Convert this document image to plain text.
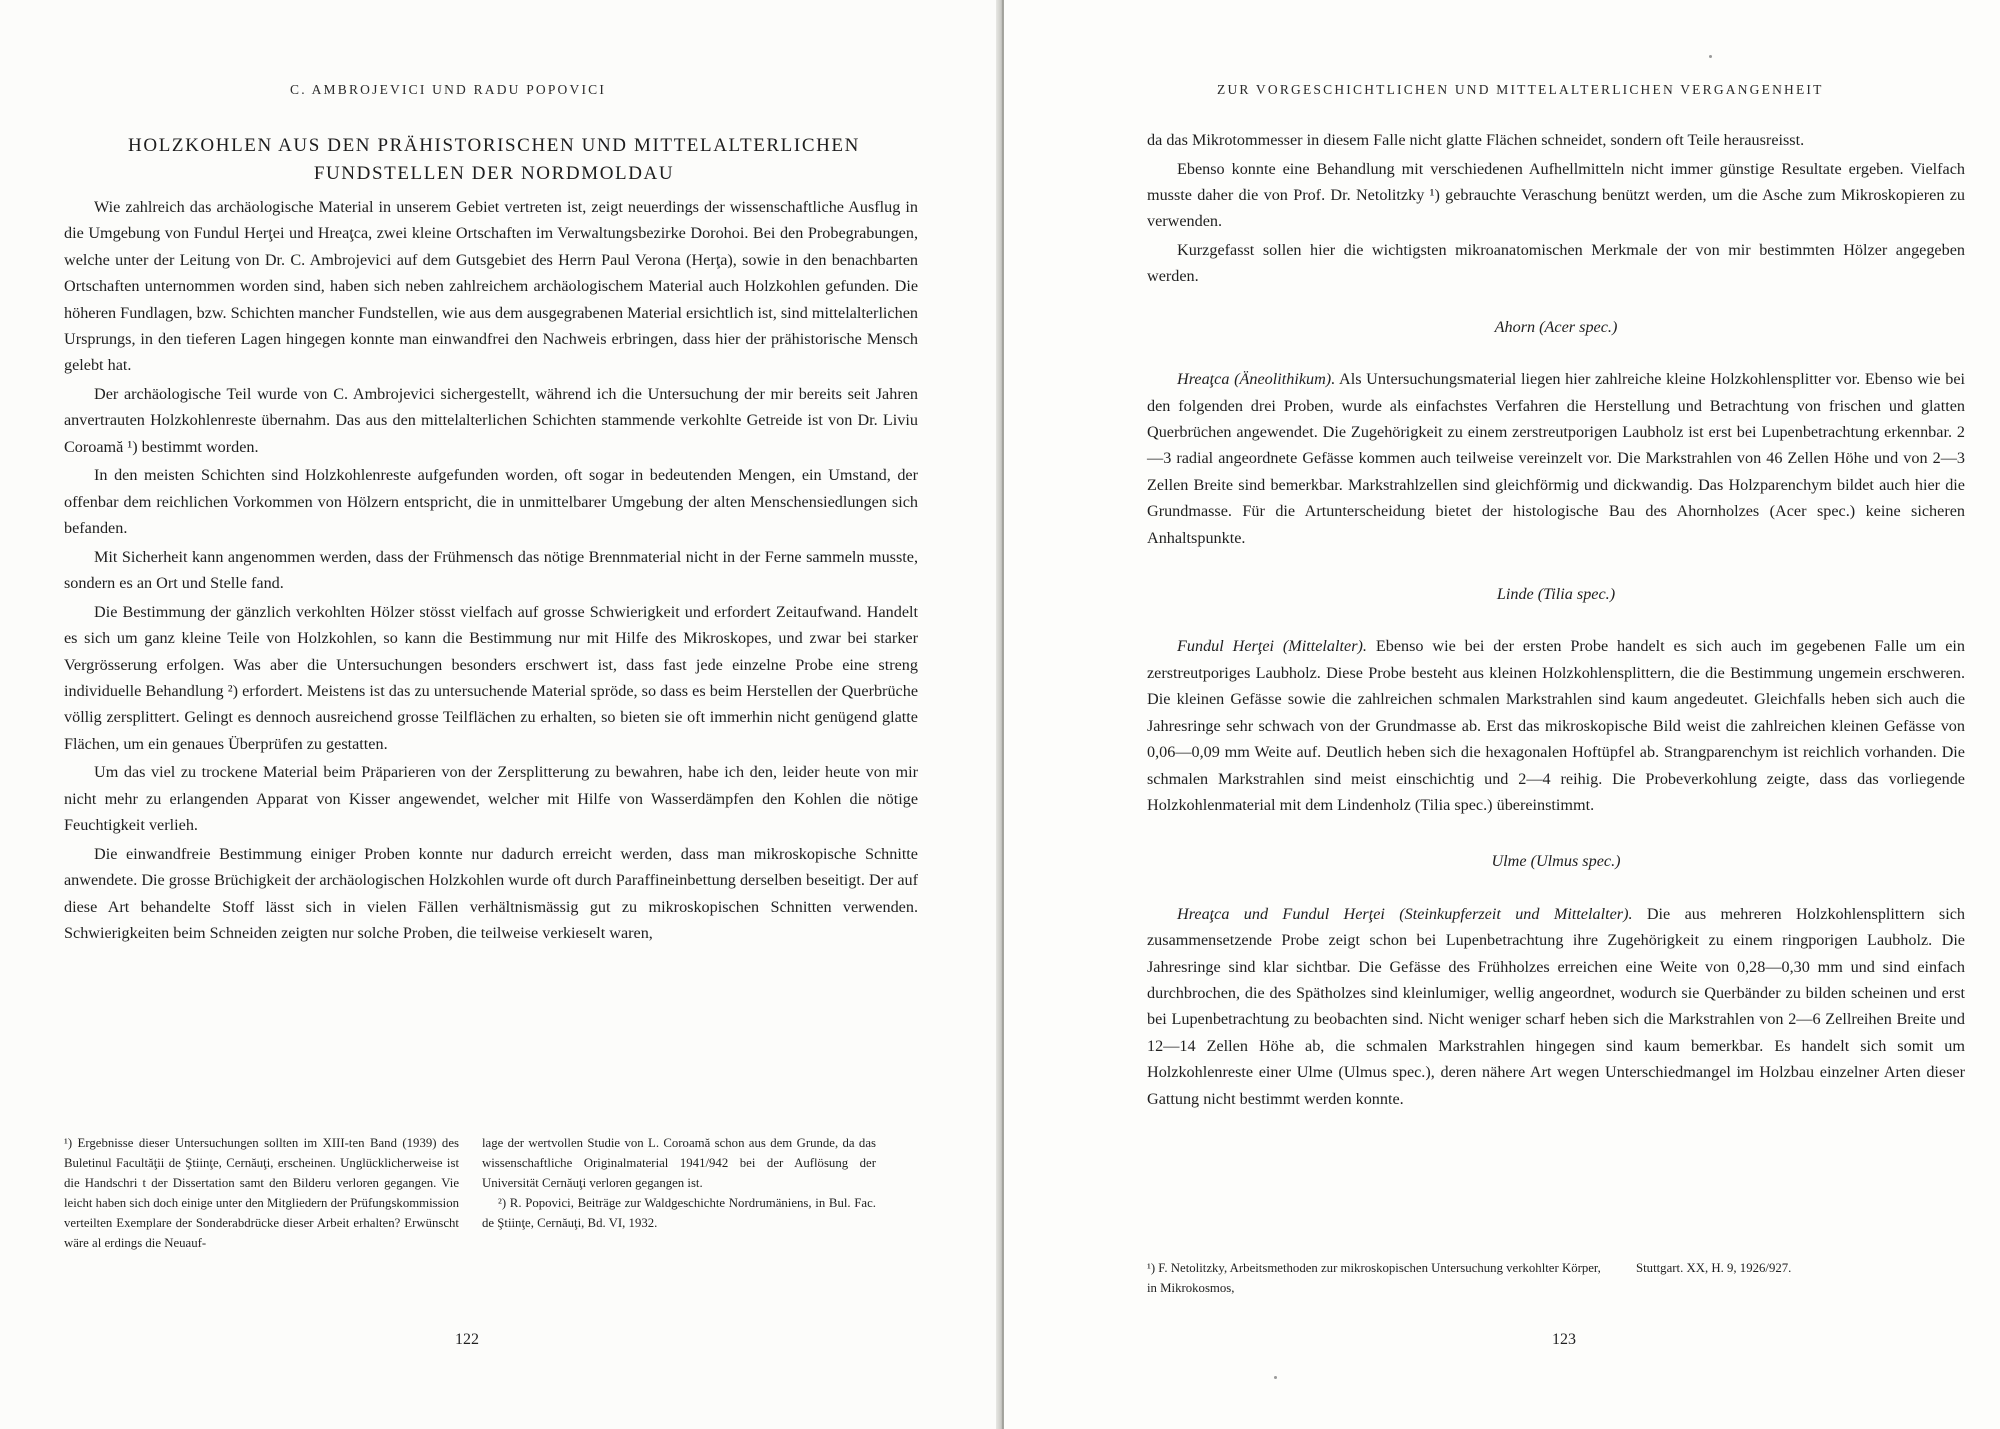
C. AMBROJEVICI UND RADU POPOVICI
HOLZKOHLEN AUS DEN PRÄHISTORISCHEN UND MITTELALTERLICHEN
FUNDSTELLEN DER NORDMOLDAU

Wie zahlreich das archäologische Material in unserem Gebiet vertreten ist, zeigt neuerdings der wissenschaftliche Ausflug in die Umgebung von Fundul Herţei und Hreaţca, zwei kleine Ortschaften im Verwaltungsbezirke Dorohoi. Bei den Probegrabungen, welche unter der Leitung von Dr. C. Ambrojevici auf dem Gutsgebiet des Herrn Paul Verona (Herţa), sowie in den benachbarten Ortschaften unternommen worden sind, haben sich neben zahlreichem archäologischem Material auch Holzkohlen gefunden. Die höheren Fundlagen, bzw. Schichten mancher Fundstellen, wie aus dem ausgegrabenen Material ersichtlich ist, sind mittelalterlichen Ursprungs, in den tieferen Lagen hingegen konnte man einwandfrei den Nachweis erbringen, dass hier der prähistorische Mensch gelebt hat.

Der archäologische Teil wurde von C. Ambrojevici sichergestellt, während ich die Untersuchung der mir bereits seit Jahren anvertrauten Holzkohlenreste übernahm. Das aus den mittelalterlichen Schichten stammende verkohlte Getreide ist von Dr. Liviu Coroamă ¹) bestimmt worden.

In den meisten Schichten sind Holzkohlenreste aufgefunden worden, oft sogar in bedeutenden Mengen, ein Umstand, der offenbar dem reichlichen Vorkommen von Hölzern entspricht, die in unmittelbarer Umgebung der alten Menschensiedlungen sich befanden.

Mit Sicherheit kann angenommen werden, dass der Frühmensch das nötige Brennmaterial nicht in der Ferne sammeln musste, sondern es an Ort und Stelle fand.

Die Bestimmung der gänzlich verkohlten Hölzer stösst vielfach auf grosse Schwierigkeit und erfordert Zeitaufwand. Handelt es sich um ganz kleine Teile von Holzkohlen, so kann die Bestimmung nur mit Hilfe des Mikroskopes, und zwar bei starker Vergrösserung erfolgen. Was aber die Untersuchungen besonders erschwert ist, dass fast jede einzelne Probe eine streng individuelle Behandlung ²) erfordert. Meistens ist das zu untersuchende Material spröde, so dass es beim Herstellen der Querbrüche völlig zersplittert. Gelingt es dennoch ausreichend grosse Teilflächen zu erhalten, so bieten sie oft immerhin nicht genügend glatte Flächen, um ein genaues Überprüfen zu gestatten.

Um das viel zu trockene Material beim Präparieren von der Zersplitterung zu bewahren, habe ich den, leider heute von mir nicht mehr zu erlangenden Apparat von Kisser angewendet, welcher mit Hilfe von Wasserdämpfen den Kohlen die nötige Feuchtigkeit verlieh.

Die einwandfreie Bestimmung einiger Proben konnte nur dadurch erreicht werden, dass man mikroskopische Schnitte anwendete. Die grosse Brüchigkeit der archäologischen Holzkohlen wurde oft durch Paraffineinbettung derselben beseitigt. Der auf diese Art behandelte Stoff lässt sich in vielen Fällen verhältnismässig gut zu mikroskopischen Schnitten verwenden. Schwierigkeiten beim Schneiden zeigten nur solche Proben, die teilweise verkieselt waren,

¹) Ergebnisse dieser Untersuchungen sollten im XIII-ten Band (1939) des Buletinul Facultăţii de Ştiinţe, Cernăuţi, erscheinen. Unglücklicherweise ist die Handschri t der Dissertation samt den Bilderu verloren gegangen. Vie leicht haben sich doch einige unter den Mitgliedern der Prüfungskommission verteilten Exemplare der Sonderabdrücke dieser Arbeit erhalten? Erwünscht wäre al erdings die Neuauf-

lage der wertvollen Studie von L. Coroamă schon aus dem Grunde, da das wissenschaftliche Originalmaterial 1941/942 bei der Auflösung der Universität Cernăuţi verloren gegangen ist.

²) R. Popovici, Beiträge zur Waldgeschichte Nordrumäniens, in Bul. Fac. de Ştiinţe, Cernăuţi, Bd. VI, 1932.

122
ZUR VORGESCHICHTLICHEN UND MITTELALTERLICHEN VERGANGENHEIT

da das Mikrotommesser in diesem Falle nicht glatte Flächen schneidet, sondern oft Teile herausreisst.

Ebenso konnte eine Behandlung mit verschiedenen Aufhellmitteln nicht immer günstige Resultate ergeben. Vielfach musste daher die von Prof. Dr. Netolitzky ¹) gebrauchte Veraschung benützt werden, um die Asche zum Mikroskopieren zu verwenden.

Kurzgefasst sollen hier die wichtigsten mikroanatomischen Merkmale der von mir bestimmten Hölzer angegeben werden.

Ahorn (Acer spec.)

Hreaţca (Äneolithikum). Als Untersuchungsmaterial liegen hier zahlreiche kleine Holzkohlensplitter vor. Ebenso wie bei den folgenden drei Proben, wurde als einfachstes Verfahren die Herstellung und Betrachtung von frischen und glatten Querbrüchen angewendet. Die Zugehörigkeit zu einem zerstreutporigen Laubholz ist erst bei Lupenbetrachtung erkennbar. 2—3 radial angeordnete Gefässe kommen auch teilweise vereinzelt vor. Die Markstrahlen von 46 Zellen Höhe und von 2—3 Zellen Breite sind bemerkbar. Markstrahlzellen sind gleichförmig und dickwandig. Das Holzparenchym bildet auch hier die Grundmasse. Für die Artunterscheidung bietet der histologische Bau des Ahornholzes (Acer spec.) keine sicheren Anhaltspunkte.

Linde (Tilia spec.)

Fundul Herţei (Mittelalter). Ebenso wie bei der ersten Probe handelt es sich auch im gegebenen Falle um ein zerstreutporiges Laubholz. Diese Probe besteht aus kleinen Holzkohlensplittern, die die Bestimmung ungemein erschweren. Die kleinen Gefässe sowie die zahlreichen schmalen Markstrahlen sind kaum angedeutet. Gleichfalls heben sich auch die Jahresringe sehr schwach von der Grundmasse ab. Erst das mikroskopische Bild weist die zahlreichen kleinen Gefässe von 0,06—0,09 mm Weite auf. Deutlich heben sich die hexagonalen Hoftüpfel ab. Strangparenchym ist reichlich vorhanden. Die schmalen Markstrahlen sind meist einschichtig und 2—4 reihig. Die Probeverkohlung zeigte, dass das vorliegende Holzkohlenmaterial mit dem Lindenholz (Tilia spec.) übereinstimmt.

Ulme (Ulmus spec.)

Hreaţca und Fundul Herţei (Steinkupferzeit und Mittelalter). Die aus mehreren Holzkohlensplittern sich zusammensetzende Probe zeigt schon bei Lupenbetrachtung ihre Zugehörigkeit zu einem ringporigen Laubholz. Die Jahresringe sind klar sichtbar. Die Gefässe des Frühholzes erreichen eine Weite von 0,28—0,30 mm und sind einfach durchbrochen, die des Spätholzes sind kleinlumiger, wellig angeordnet, wodurch sie Querbänder zu bilden scheinen und erst bei Lupenbetrachtung zu beobachten sind. Nicht weniger scharf heben sich die Markstrahlen von 2—6 Zellreihen Breite und 12—14 Zellen Höhe ab, die schmalen Markstrahlen hingegen sind kaum bemerkbar. Es handelt sich somit um Holzkohlenreste einer Ulme (Ulmus spec.), deren nähere Art wegen Unterschiedmangel im Holzbau einzelner Arten dieser Gattung nicht bestimmt werden konnte.

¹) F. Netolitzky, Arbeitsmethoden zur mikroskopischen Untersuchung verkohlter Körper, in Mikrokosmos,

Stuttgart. XX, H. 9, 1926/927.

123
